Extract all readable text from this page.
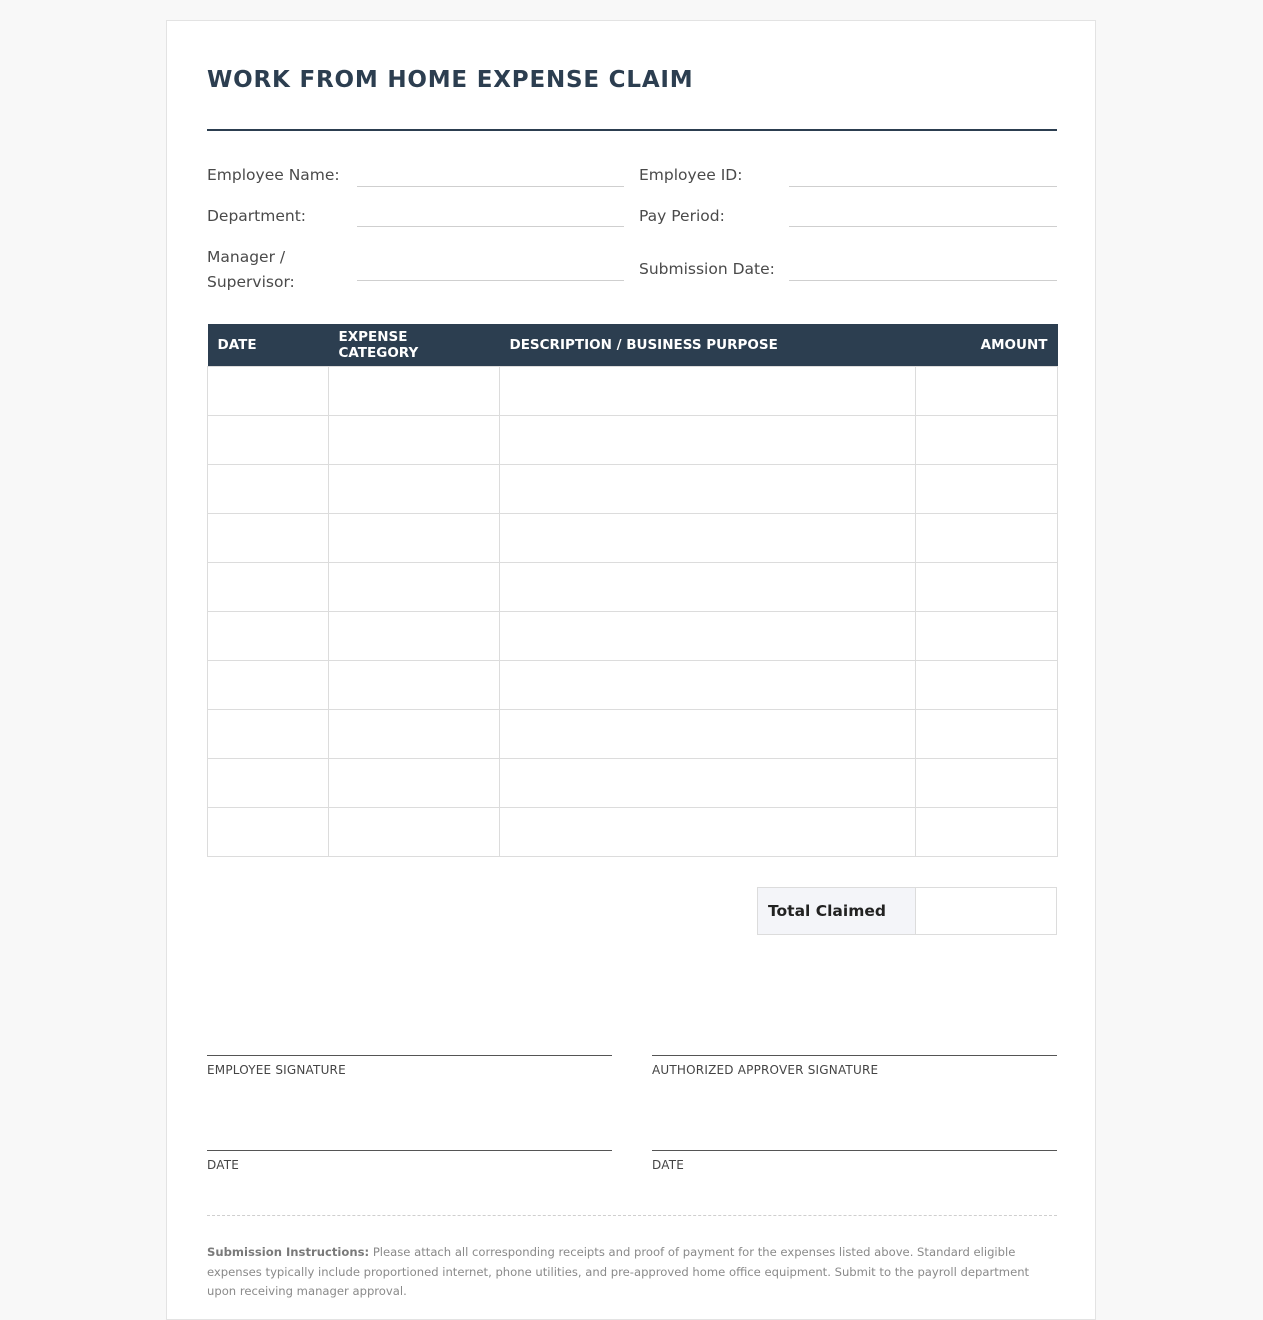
WORK FROM HOME EXPENSE CLAIM
Employee Name:	Employee ID:
Department:	Pay Period:
Manager /
Supervisor:
Submission Date:
DATE	EXPENSE CATEGORY	DESCRIPTION / BUSINESS PURPOSE	AMOUNT

Total Claimed
EMPLOYEE SIGNATURE	AUTHORIZED APPROVER SIGNATURE
DATE	DATE
Submission Instructions: Please attach all corresponding receipts and proof of payment for the expenses listed above. Standard eligible expenses typically include proportioned internet, phone utilities, and pre-approved home office equipment. Submit to the payroll department upon receiving manager approval.
